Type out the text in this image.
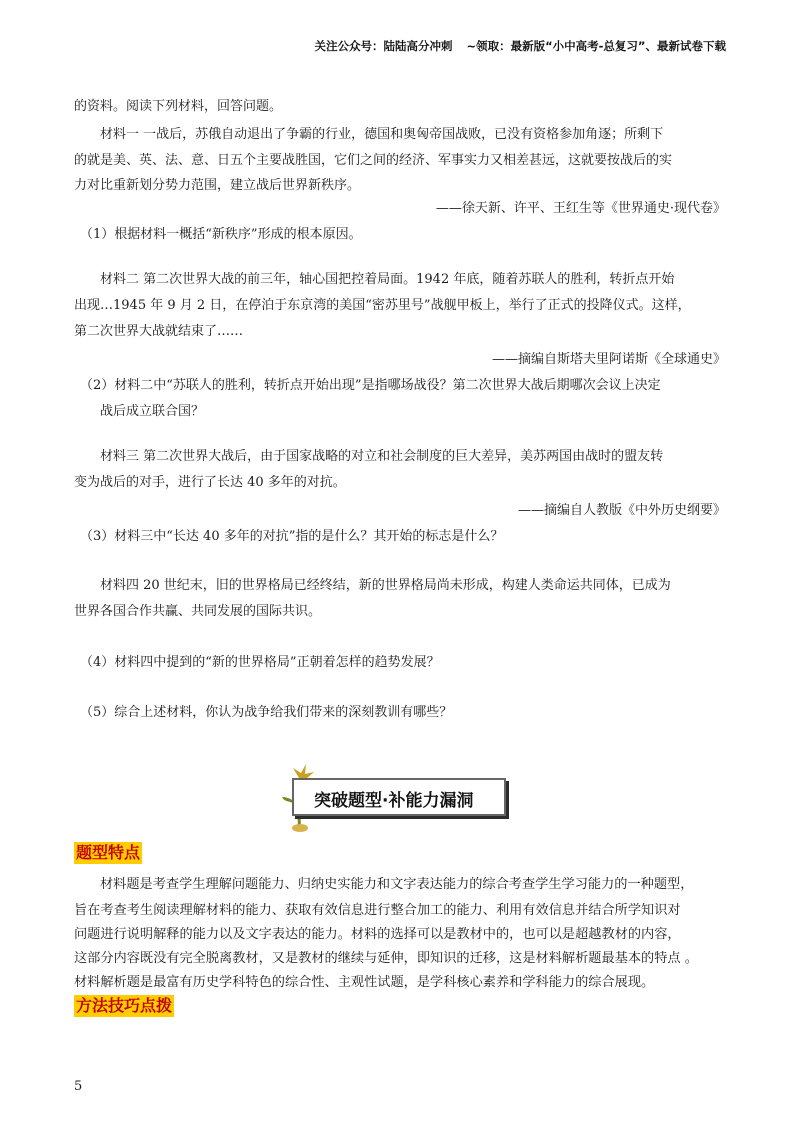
关注公众号：陆陆高分冲刺 ~领取：最新版“小中高考-总复习”、最新试卷下载
的资料。阅读下列材料，回答问题。
材料一 一战后，苏俄自动退出了争霸的行业，德国和奥匈帝国战败，已没有资格参加角逐；所剩下
的就是美、英、法、意、日五个主要战胜国，它们之间的经济、军事实力又相差甚远，这就要按战后的实
力对比重新划分势力范围，建立战后世界新秩序。
——徐天新、许平、王红生等《世界通史·现代卷》
（1）根据材料一概括“新秩序”形成的根本原因。
材料二 第二次世界大战的前三年，轴心国把控着局面。1942 年底，随着苏联人的胜利，转折点开始
出现…1945 年 9 月 2 日，在停泊于东京湾的美国“密苏里号”战舰甲板上，举行了正式的投降仪式。这样，
第二次世界大战就结束了……
——摘编自斯塔夫里阿诺斯《全球通史》
（2）材料二中“苏联人的胜利，转折点开始出现”是指哪场战役？第二次世界大战后期哪次会议上决定
战后成立联合国？
材料三 第二次世界大战后，由于国家战略的对立和社会制度的巨大差异，美苏两国由战时的盟友转
变为战后的对手，进行了长达 40 多年的对抗。
——摘编自人教版《中外历史纲要》
（3）材料三中“长达 40 多年的对抗”指的是什么？其开始的标志是什么？
材料四 20 世纪末，旧的世界格局已经终结，新的世界格局尚未形成，构建人类命运共同体，已成为
世界各国合作共赢、共同发展的国际共识。
（4）材料四中提到的“新的世界格局”正朝着怎样的趋势发展？
（5）综合上述材料，你认为战争给我们带来的深刻教训有哪些？
突破题型·补能力漏洞
题型特点
材料题是考查学生理解问题能力、归纳史实能力和文字表达能力的综合考查学生学习能力的一种题型，
旨在考查考生阅读理解材料的能力、获取有效信息进行整合加工的能力、利用有效信息并结合所学知识对
问题进行说明解释的能力以及文字表达的能力。材料的选择可以是教材中的，也可以是超越教材的内容，
这部分内容既没有完全脱离教材，又是教材的继续与延伸，即知识的迁移，这是材料解析题最基本的特点 。
材料解析题是最富有历史学科特色的综合性、主观性试题，是学科核心素养和学科能力的综合展现。
方法技巧点拨
5
